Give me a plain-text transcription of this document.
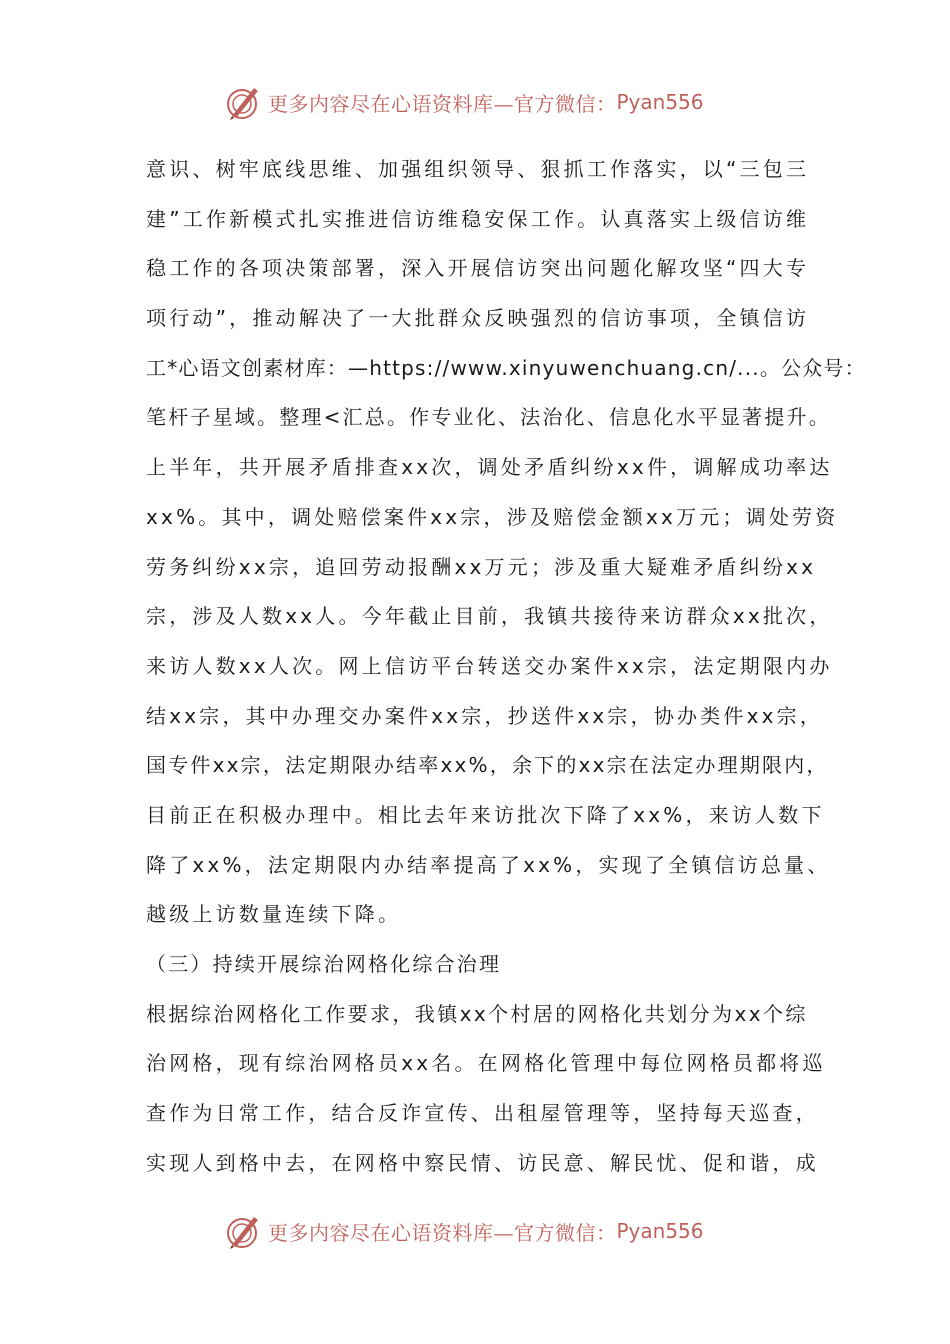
更多内容尽在心语资料库—官方微信： Pyan556
意识、树牢底线思维、加强组织领导、狠抓工作落实，以“三包三
建”工作新模式扎实推进信访维稳安保工作。认真落实上级信访维
稳工作的各项决策部署，深入开展信访突出问题化解攻坚“四大专
项行动”，推动解决了一大批群众反映强烈的信访事项，全镇信访
工*心语文创素材库：—https://www.xinyuwenchuang.cn/...。公众号：
笔杆子星域。整理<汇总。作专业化、法治化、信息化水平显著提升。
上半年，共开展矛盾排查xx次，调处矛盾纠纷xx件，调解成功率达
xx%。其中，调处赔偿案件xx宗，涉及赔偿金额xx万元；调处劳资
劳务纠纷xx宗，追回劳动报酬xx万元；涉及重大疑难矛盾纠纷xx
宗，涉及人数xx人。今年截止目前，我镇共接待来访群众xx批次，
来访人数xx人次。网上信访平台转送交办案件xx宗，法定期限内办
结xx宗，其中办理交办案件xx宗，抄送件xx宗，协办类件xx宗，
国专件xx宗，法定期限办结率xx%，余下的xx宗在法定办理期限内，
目前正在积极办理中。相比去年来访批次下降了xx%，来访人数下
降了xx%，法定期限内办结率提高了xx%，实现了全镇信访总量、
越级上访数量连续下降。
（三）持续开展综治网格化综合治理
根据综治网格化工作要求，我镇xx个村居的网格化共划分为xx个综
治网格，现有综治网格员xx名。在网格化管理中每位网格员都将巡
查作为日常工作，结合反诈宣传、出租屋管理等，坚持每天巡查，
实现人到格中去，在网格中察民情、访民意、解民忧、促和谐，成
更多内容尽在心语资料库—官方微信： Pyan556
